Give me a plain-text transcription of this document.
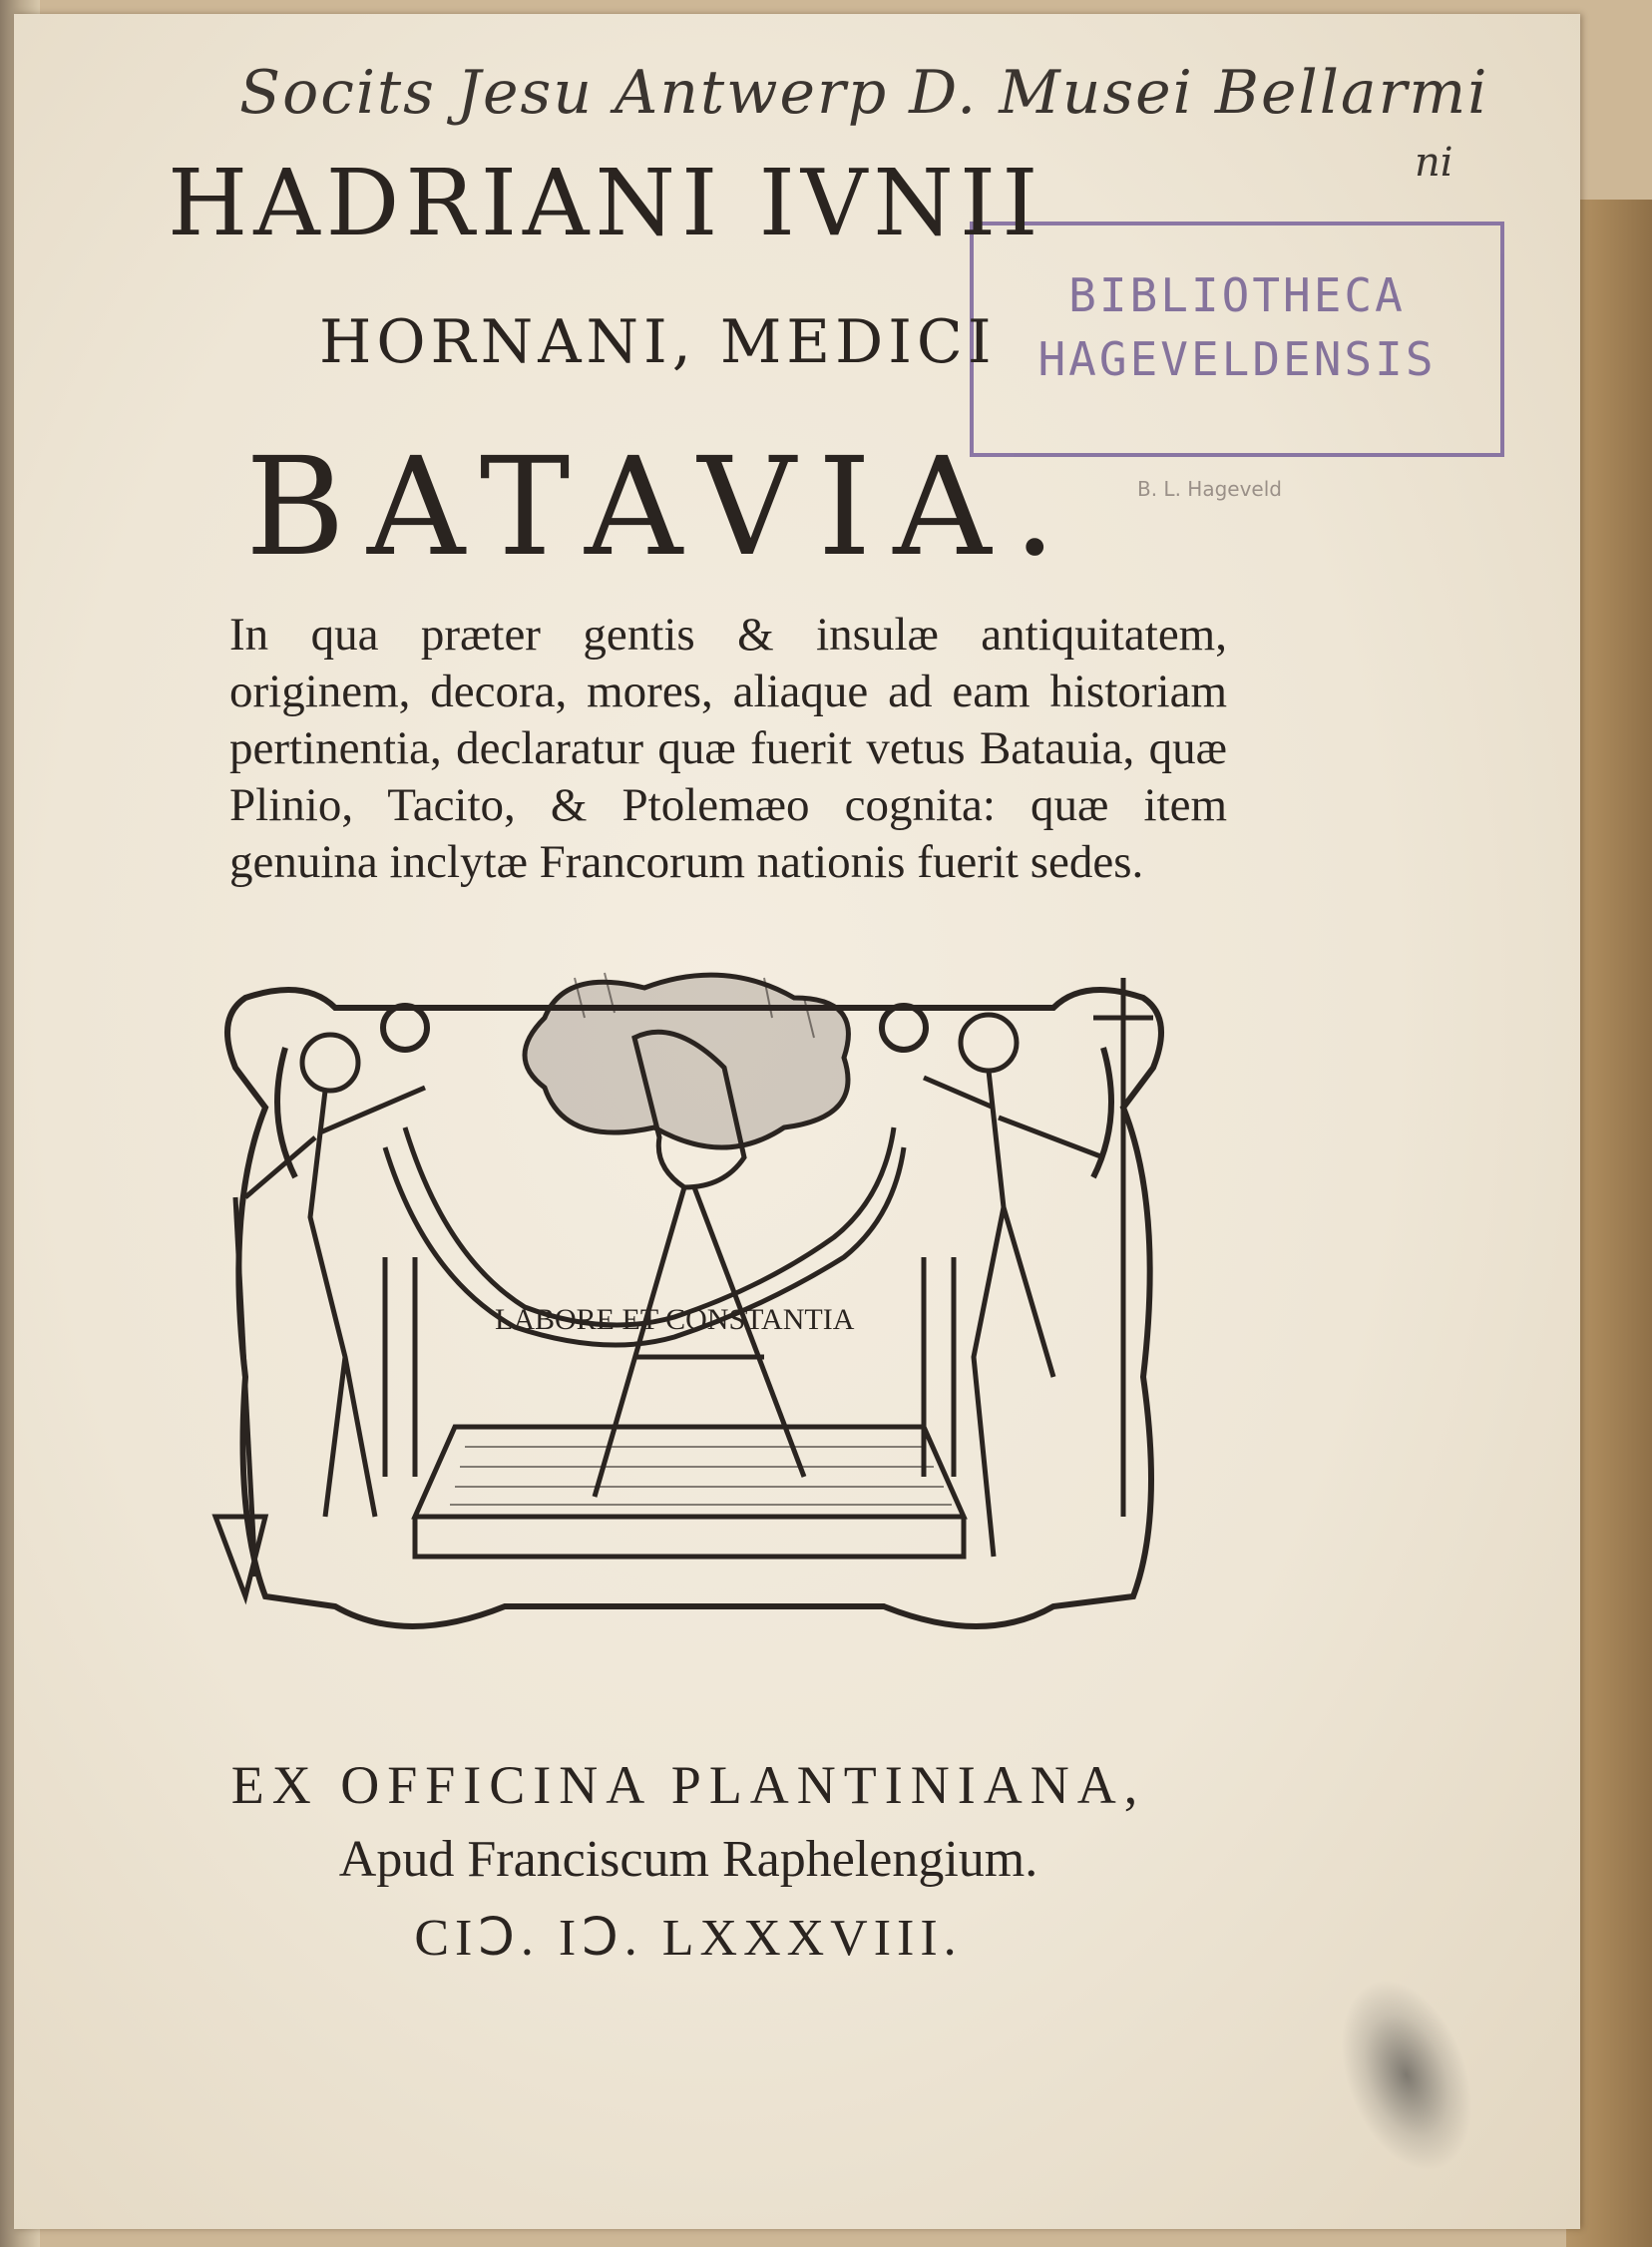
Socits Jesu Antwerp D. Musei Bellarmi
ni
BIBLIOTHECA
HAGEVELDENSIS
B. L. Hageveld
HADRIANI IVNII
HORNANI, MEDICI
BATAVIA.
In qua præter gentis & insulæ antiquitatem, originem, decora, mores, aliaque ad eam historiam pertinentia, declaratur quæ fuerit vetus Batauia, quæ Plinio, Tacito, & Ptolemæo cognita: quæ item genuina inclytæ Francorum nationis fuerit sedes.
LABORE ET CONSTANTIA
EX OFFICINA PLANTINIANA,
Apud Franciscum Raphelengium.
CIↃ. IↃ. LXXXVIII.
